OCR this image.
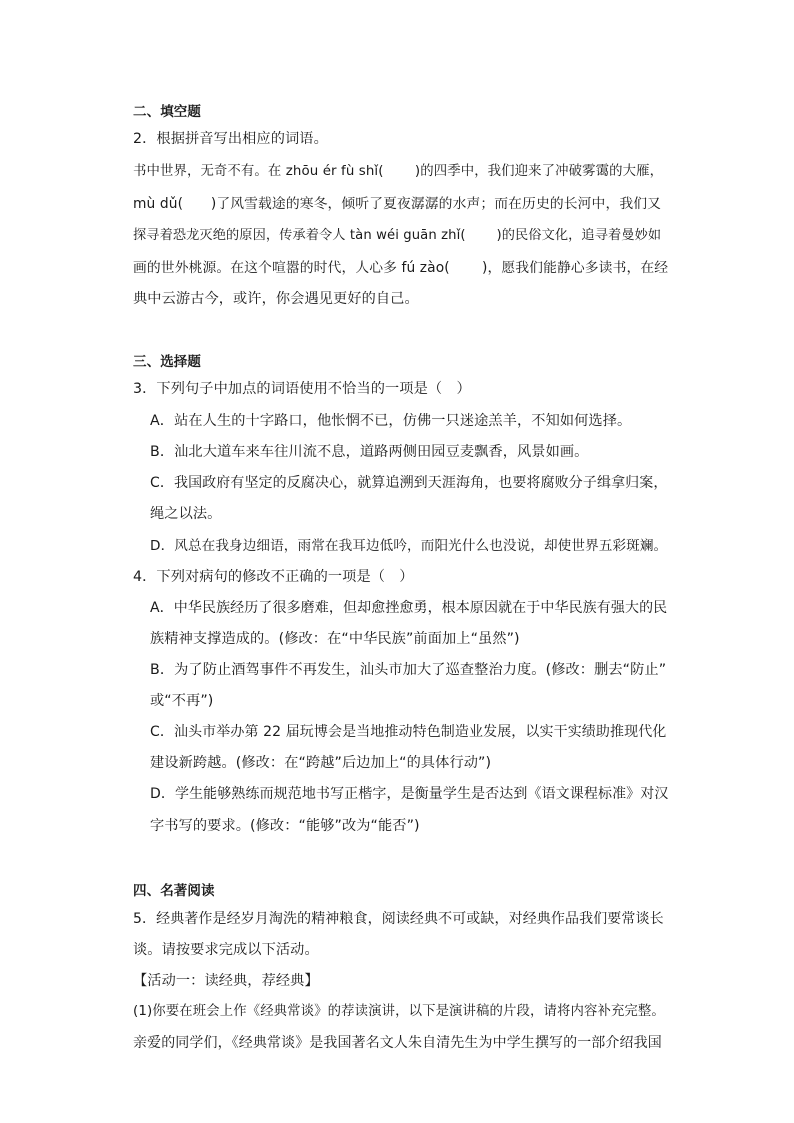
二、填空题
2．根据拼音写出相应的词语。
书中世界，无奇不有。在 zhōu ér fù shǐ(　　 )的四季中，我们迎来了冲破雾霭的大雁，
mù dǔ(　　)了风雪载途的寒冬，倾听了夏夜潺潺的水声；而在历史的长河中，我们又
探寻着恐龙灭绝的原因，传承着令人 tàn wéi guān zhǐ(　　 )的民俗文化，追寻着曼妙如
画的世外桃源。在这个喧嚣的时代，人心多 fú zào(　　 )，愿我们能静心多读书，在经
典中云游古今，或许，你会遇见更好的自己。
三、选择题
3．下列句子中加点的词语使用不恰当的一项是（　）
A．站在人生的十字路口，他怅惘不已，仿佛一只迷途羔羊，不知如何选择。
B．汕北大道车来车往川流不息，道路两侧田园豆麦飘香，风景如画。
C．我国政府有坚定的反腐决心，就算追溯到天涯海角，也要将腐败分子缉拿归案，
绳之以法。
D．风总在我身边细语，雨常在我耳边低吟，而阳光什么也没说，却使世界五彩斑斓。
4．下列对病句的修改不正确的一项是（　）
A．中华民族经历了很多磨难，但却愈挫愈勇，根本原因就在于中华民族有强大的民
族精神支撑造成的。(修改：在“中华民族”前面加上“虽然”)
B．为了防止酒驾事件不再发生，汕头市加大了巡查整治力度。(修改：删去“防止”
或“不再”)
C．汕头市举办第 22 届玩博会是当地推动特色制造业发展，以实干实绩助推现代化
建设新跨越。(修改：在“跨越”后边加上“的具体行动”)
D．学生能够熟练而规范地书写正楷字，是衡量学生是否达到《语文课程标准》对汉
字书写的要求。(修改：“能够”改为“能否”)
四、名著阅读
5．经典著作是经岁月淘洗的精神粮食，阅读经典不可或缺，对经典作品我们要常谈长
谈。请按要求完成以下活动。
【活动一：读经典，荐经典】
(1)你要在班会上作《经典常谈》的荐读演讲，以下是演讲稿的片段，请将内容补充完整。
亲爱的同学们，《经典常谈》是我国著名文人朱自清先生为中学生撰写的一部介绍我国
